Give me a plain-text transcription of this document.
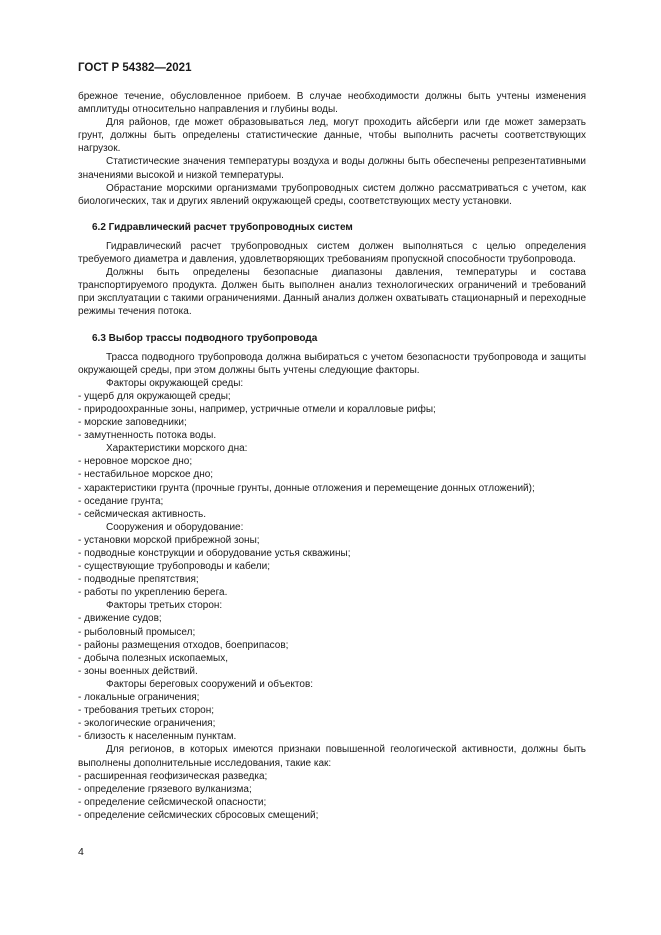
ГОСТ Р 54382—2021

брежное течение, обусловленное прибоем. В случае необходимости должны быть учтены изменения амплитуды относительно направления и глубины воды.

Для районов, где может образовываться лед, могут проходить айсберги или где может замерзать грунт, должны быть определены статистические данные, чтобы выполнить расчеты соответствующих нагрузок.

Статистические значения температуры воздуха и воды должны быть обеспечены репрезентативными значениями высокой и низкой температуры.

Обрастание морскими организмами трубопроводных систем должно рассматриваться с учетом, как биологических, так и других явлений окружающей среды, соответствующих месту установки.

6.2 Гидравлический расчет трубопроводных систем

Гидравлический расчет трубопроводных систем должен выполняться с целью определения требуемого диаметра и давления, удовлетворяющих требованиям пропускной способности трубопровода.

Должны быть определены безопасные диапазоны давления, температуры и состава транспортируемого продукта. Должен быть выполнен анализ технологических ограничений и требований при эксплуатации с такими ограничениями. Данный анализ должен охватывать стационарный и переходные режимы течения потока.

6.3 Выбор трассы подводного трубопровода

Трасса подводного трубопровода должна выбираться с учетом безопасности трубопровода и защиты окружающей среды, при этом должны быть учтены следующие факторы.

Факторы окружающей среды:

- ущерб для окружающей среды;

- природоохранные зоны, например, устричные отмели и коралловые рифы;

- морские заповедники;

- замутненность потока воды.

Характеристики морского дна:

- неровное морское дно;

- нестабильное морское дно;

- характеристики грунта (прочные грунты, донные отложения и перемещение донных отложений);

- оседание грунта;

- сейсмическая активность.

Сооружения и оборудование:

- установки морской прибрежной зоны;

- подводные конструкции и оборудование устья скважины;

- существующие трубопроводы и кабели;

- подводные препятствия;

- работы по укреплению берега.

Факторы третьих сторон:

- движение судов;

- рыболовный промысел;

- районы размещения отходов, боеприпасов;

- добыча полезных ископаемых,

- зоны военных действий.

Факторы береговых сооружений и объектов:

- локальные ограничения;

- требования третьих сторон;

- экологические ограничения;

- близость к населенным пунктам.

Для регионов, в которых имеются признаки повышенной геологической активности, должны быть выполнены дополнительные исследования, такие как:

- расширенная геофизическая разведка;

- определение грязевого вулканизма;

- определение сейсмической опасности;

- определение сейсмических сбросовых смещений;

4
